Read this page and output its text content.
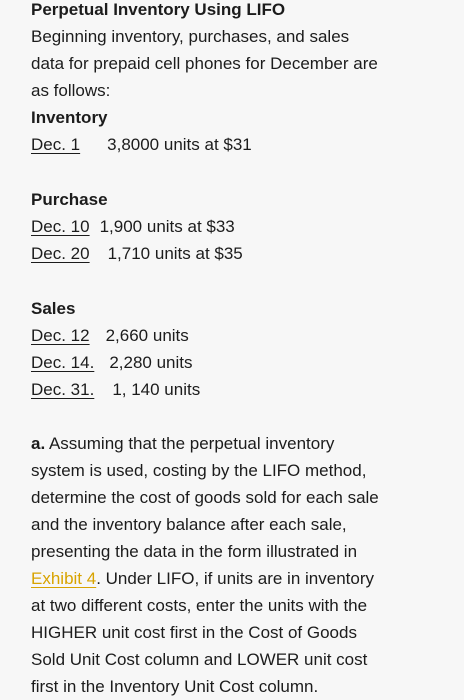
Perpetual Inventory Using LIFO
Beginning inventory, purchases, and sales
data for prepaid cell phones for December are
as follows:
Inventory
Dec. 1 3,8000 units at $31
Purchase
Dec. 10 1,900 units at $33
Dec. 20 1,710 units at $35
Sales
Dec. 12 2,660 units
Dec. 14. 2,280 units
Dec. 31. 1, 140 units
a. Assuming that the perpetual inventory
system is used, costing by the LIFO method,
determine the cost of goods sold for each sale
and the inventory balance after each sale,
presenting the data in the form illustrated in
Exhibit 4. Under LIFO, if units are in inventory
at two different costs, enter the units with the
HIGHER unit cost first in the Cost of Goods
Sold Unit Cost column and LOWER unit cost
first in the Inventory Unit Cost column.
